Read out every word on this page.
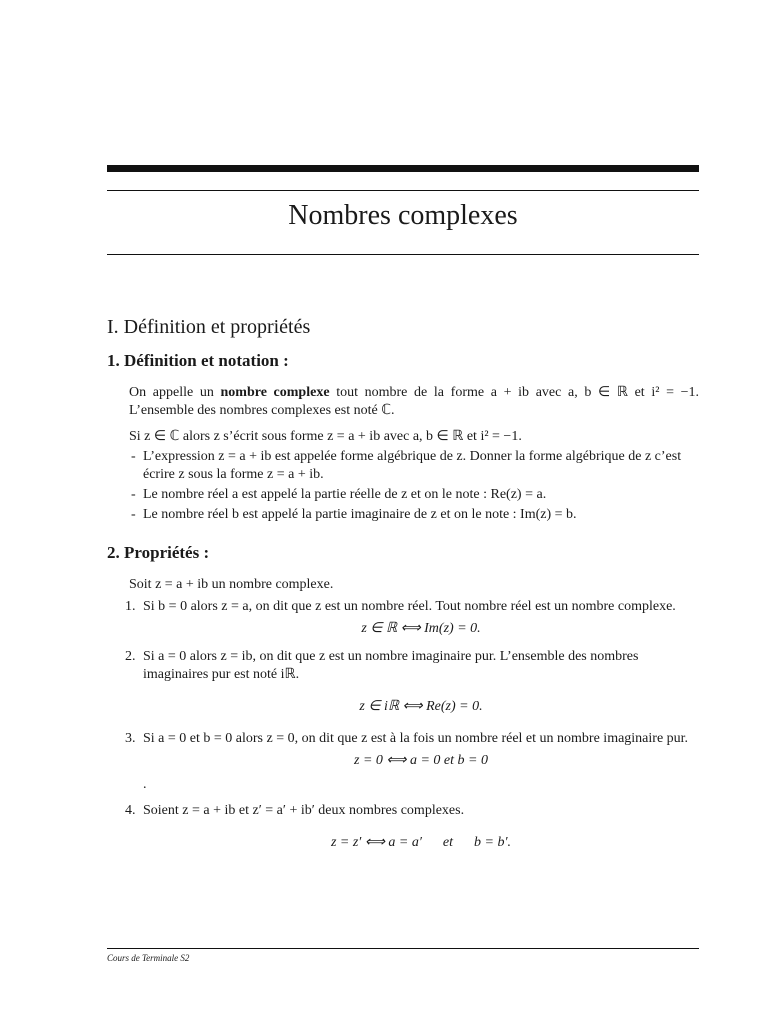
Nombres complexes
I. Définition et propriétés
1. Définition et notation :

On appelle un nombre complexe tout nombre de la forme a + ib avec a, b ∈ ℝ et i² = −1. L’ensemble des nombres complexes est noté ℂ.

Si z ∈ ℂ alors z s’écrit sous forme z = a + ib avec a, b ∈ ℝ et i² = −1.

- L’expression z = a + ib est appelée forme algébrique de z. Donner la forme algébrique de z c’est écrire z sous la forme z = a + ib.
- Le nombre réel a est appelé la partie réelle de z et on le note : Re(z) = a.
- Le nombre réel b est appelé la partie imaginaire de z et on le note : Im(z) = b.
2. Propriétés :

Soit z = a + ib un nombre complexe.

1. Si b = 0 alors z = a, on dit que z est un nombre réel. Tout nombre réel est un nombre complexe.
z ∈ ℝ ⟺ Im(z) = 0.
2. Si a = 0 alors z = ib, on dit que z est un nombre imaginaire pur. L’ensemble des nombres imaginaires pur est noté iℝ.
z ∈ iℝ ⟺ Re(z) = 0.
3. Si a = 0 et b = 0 alors z = 0, on dit que z est à la fois un nombre réel et un nombre imaginaire pur.
z = 0 ⟺ a = 0 et b = 0
.
4. Soient z = a + ib et z′ = a′ + ib′ deux nombres complexes.
z = z′ ⟺ a = a′      et      b = b′.
Cours de Terminale S2
